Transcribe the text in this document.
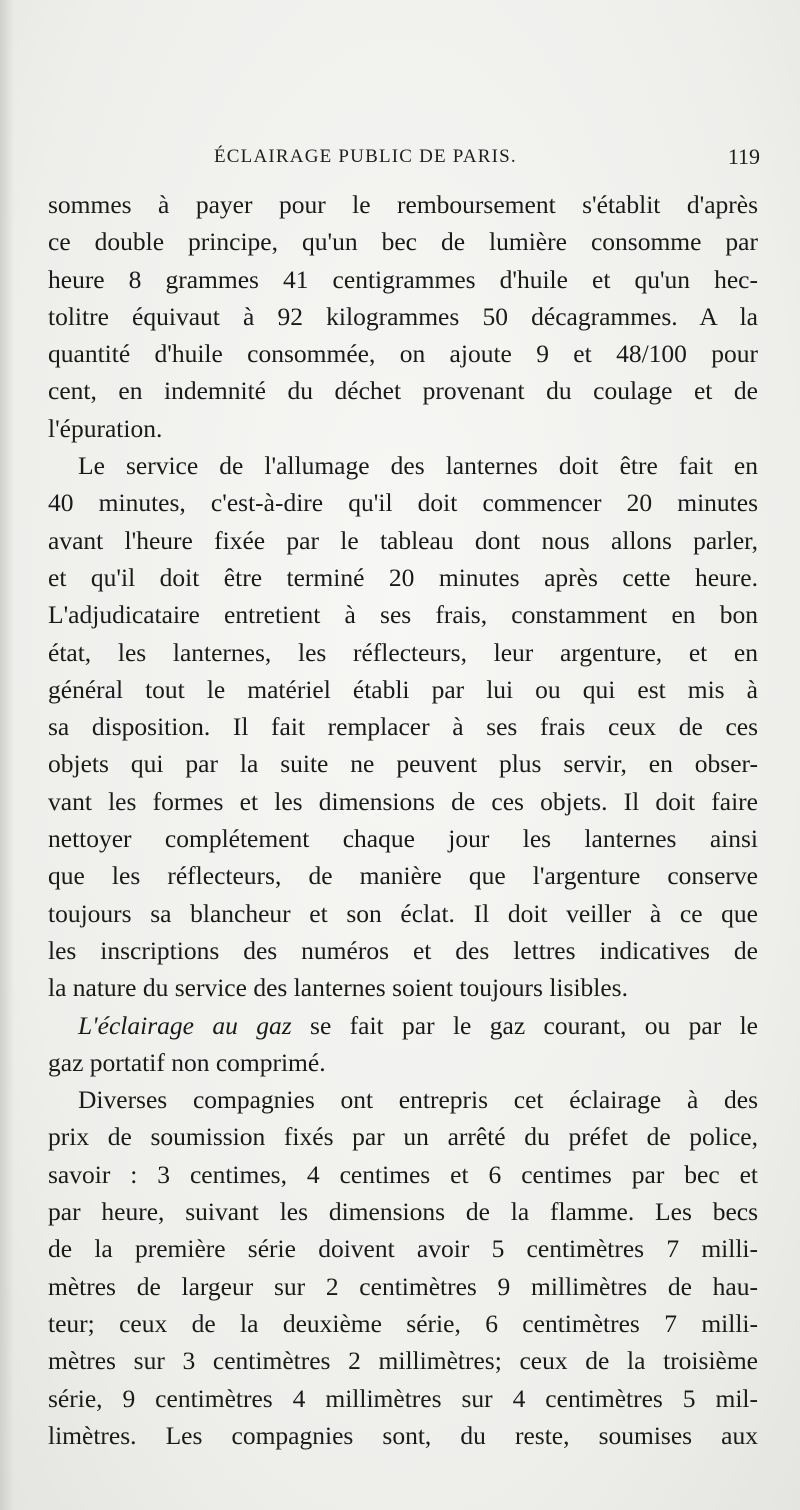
ÉCLAIRAGE PUBLIC DE PARIS.	119
sommes à payer pour le remboursement s'établit d'après
ce double principe, qu'un bec de lumière consomme par
heure 8 grammes 41 centigrammes d'huile et qu'un hec-
tolitre équivaut à 92 kilogrammes 50 décagrammes. A la
quantité d'huile consommée, on ajoute 9 et 48/100 pour
cent, en indemnité du déchet provenant du coulage et de
l'épuration.
Le service de l'allumage des lanternes doit être fait en
40 minutes, c'est-à-dire qu'il doit commencer 20 minutes
avant l'heure fixée par le tableau dont nous allons parler,
et qu'il doit être terminé 20 minutes après cette heure.
L'adjudicataire entretient à ses frais, constamment en bon
état, les lanternes, les réflecteurs, leur argenture, et en
général tout le matériel établi par lui ou qui est mis à
sa disposition. Il fait remplacer à ses frais ceux de ces
objets qui par la suite ne peuvent plus servir, en obser-
vant les formes et les dimensions de ces objets. Il doit faire
nettoyer complétement chaque jour les lanternes ainsi
que les réflecteurs, de manière que l'argenture conserve
toujours sa blancheur et son éclat. Il doit veiller à ce que
les inscriptions des numéros et des lettres indicatives de
la nature du service des lanternes soient toujours lisibles.
L'éclairage au gaz se fait par le gaz courant, ou par le
gaz portatif non comprimé.
Diverses compagnies ont entrepris cet éclairage à des
prix de soumission fixés par un arrêté du préfet de police,
savoir : 3 centimes, 4 centimes et 6 centimes par bec et
par heure, suivant les dimensions de la flamme. Les becs
de la première série doivent avoir 5 centimètres 7 milli-
mètres de largeur sur 2 centimètres 9 millimètres de hau-
teur; ceux de la deuxième série, 6 centimètres 7 milli-
mètres sur 3 centimètres 2 millimètres; ceux de la troisième
série, 9 centimètres 4 millimètres sur 4 centimètres 5 mil-
limètres. Les compagnies sont, du reste, soumises aux
